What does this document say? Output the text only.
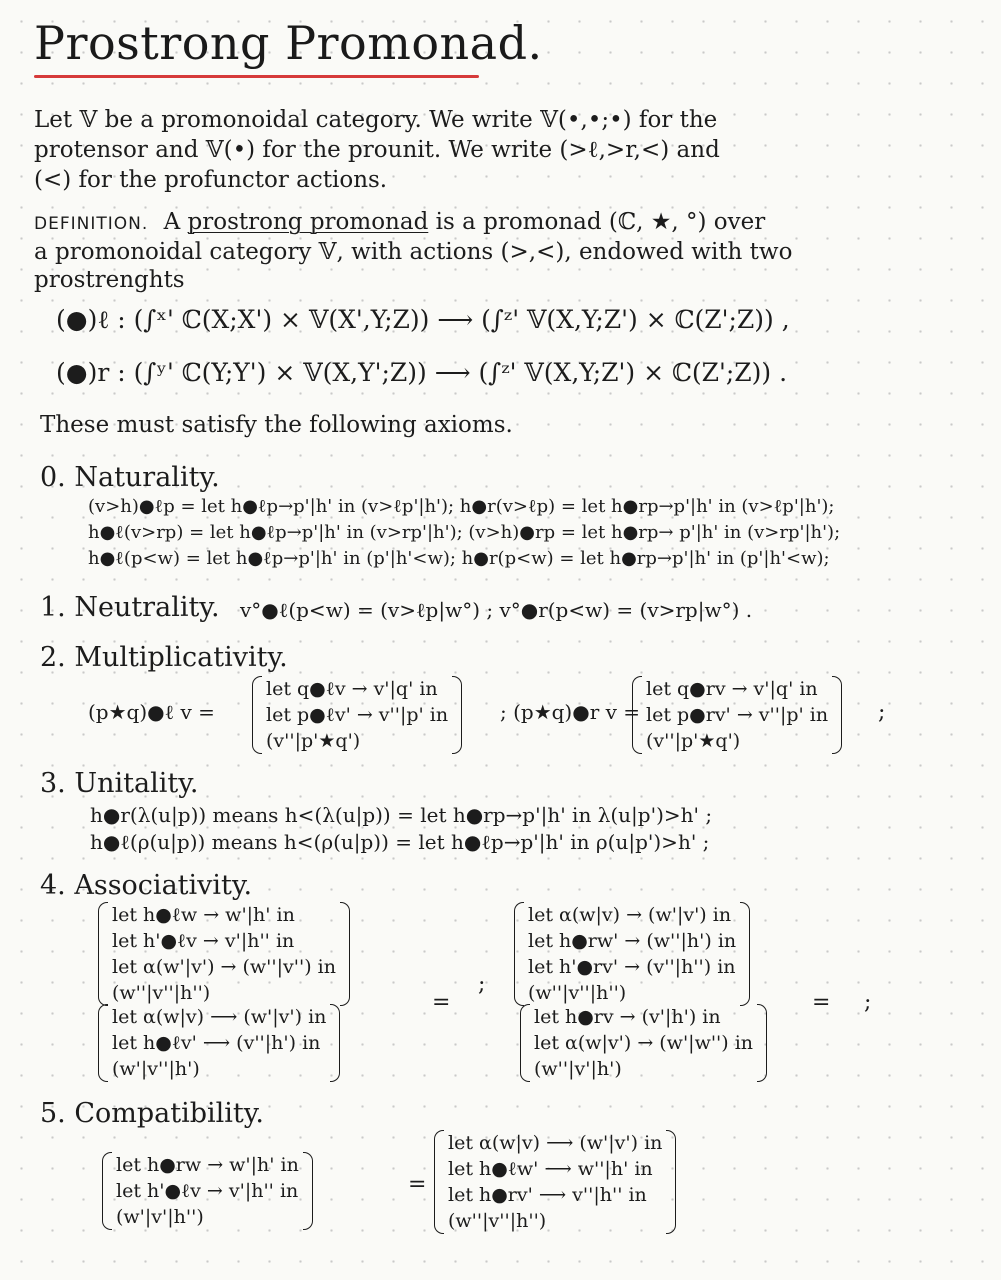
Prostrong Promonad.
Let 𝕍 be a promonoidal category. We write 𝕍(•,•;•) for the
protensor and 𝕍(•) for the prounit. We write (>ℓ,>r,<) and
(<) for the profunctor actions.
DEFINITION. A prostrong promonad is a promonad (ℂ, ★, °) over
a promonoidal category 𝕍, with actions (>,<), endowed with two
prostrenghts
(●)ℓ : (∫ˣ' ℂ(X;X') × 𝕍(X',Y;Z)) ⟶ (∫ᶻ' 𝕍(X,Y;Z') × ℂ(Z';Z)) ,
(●)r : (∫ʸ' ℂ(Y;Y') × 𝕍(X,Y';Z)) ⟶ (∫ᶻ' 𝕍(X,Y;Z') × ℂ(Z';Z)) .
These must satisfy the following axioms.
0. Naturality.
(v>h)●ℓp = let h●ℓp→p'|h' in (v>ℓp'|h'); h●r(v>ℓp) = let h●rp→p'|h' in (v>ℓp'|h');
h●ℓ(v>rp) = let h●ℓp→p'|h' in (v>rp'|h'); (v>h)●rp = let h●rp→ p'|h' in (v>rp'|h');
h●ℓ(p<w) = let h●ℓp→p'|h' in (p'|h'<w); h●r(p<w) = let h●rp→p'|h' in (p'|h'<w);
1. Neutrality. v°●ℓ(p<w) = (v>ℓp|w°) ; v°●r(p<w) = (v>rp|w°) .
2. Multiplicativity.
(p★q)●ℓ v =
let q●ℓv → v'|q' in
let p●ℓv' → v''|p' in
(v''|p'★q')
; (p★q)●r v =
let q●rv → v'|q' in
let p●rv' → v''|p' in
(v''|p'★q')
;
3. Unitality.
h●r(λ(u|p)) means h<(λ(u|p)) = let h●rp→p'|h' in λ(u|p')>h' ;
h●ℓ(ρ(u|p)) means h<(ρ(u|p)) = let h●ℓp→p'|h' in ρ(u|p')>h' ;
4. Associativity.
let h●ℓw → w'|h' in
let h'●ℓv → v'|h'' in
let α(w'|v') → (w''|v'') in
(w''|v''|h'')	=
let α(w|v) ⟶ (w'|v') in
let h●ℓv' ⟶ (v''|h') in
(w'|v''|h')
;
let α(w|v) → (w'|v') in
let h●rw' → (w''|h') in
let h'●rv' → (v''|h'') in
(w''|v''|h'')	=
let h●rv → (v'|h') in
let α(w|v') → (w'|w'') in
(w''|v'|h')
;
5. Compatibility.
let h●rw → w'|h' in
let h'●ℓv → v'|h'' in
(w'|v'|h'')
=
let α(w|v) ⟶ (w'|v') in
let h●ℓw' ⟶ w''|h' in
let h●rv' ⟶ v''|h'' in
(w''|v''|h'')
